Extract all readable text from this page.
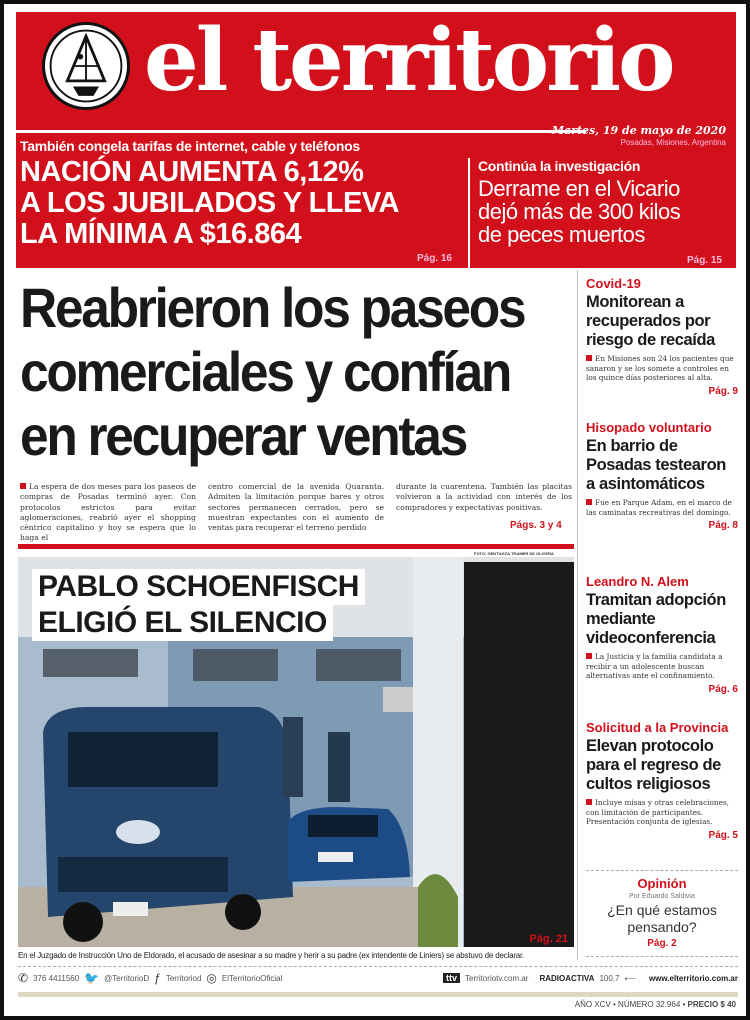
el territorio
Martes, 19 de mayo de 2020
Posadas, Misiones, Argentina
También congela tarifas de internet, cable y teléfonos
NACIÓN AUMENTA 6,12%
A LOS JUBILADOS Y LLEVA
LA MÍNIMA A $16.864
Pág. 16
Continúa la investigación
Derrame en el Vicario
dejó más de 300 kilos
de peces muertos
Pág. 15
Reabrieron los paseos
comerciales y confían
en recuperar ventas
La espera de dos meses para los paseos de compras de Posadas terminó ayer. Con protocolos estrictos para evitar aglomeraciones, reabrió ayer el shopping céntrico capitalino y hoy se espera que lo haga el
centro comercial de la avenida Quaranta. Admiten la limitación porque bares y otros sectores permanecen cerrados, pero se muestran expectantes con el aumento de ventas para recuperar el terreno perdido
durante la cuarentena. También las placitas volvieron a la actividad con interés de los compradores y expectativas positivas.
Págs. 3 y 4
FOTO: GENTILEZA TRAMER DE OLIVERA
PABLO SCHOENFISCH
ELIGIÓ EL SILENCIO
Pág. 21
En el Juzgado de Instrucción Uno de Eldorado, el acusado de asesinar a su madre y herir a su padre (ex intendente de Liniers) se abstuvo de declarar.
Covid-19
Monitorean a recuperados por riesgo de recaída
En Misiones son 24 los pacientes que sanaron y se los somete a controles en los quince días posteriores al alta.
Pág. 9
Hisopado voluntario
En barrio de Posadas testearon a asintomáticos
Fue en Parque Adam, en el marco de las caminatas recreativas del domingo.
Pág. 8
Leandro N. Alem
Tramitan adopción mediante videoconferencia
La Justicia y la familia candidata a recibir a un adolescente buscan alternativas ante el confinamiento.
Pág. 6
Solicitud a la Provincia
Elevan protocolo para el regreso de cultos religiosos
Incluye misas y otras celebraciones, con limitación de participantes. Presentación conjunta de iglesias.
Pág. 5
Opinión
Por Eduardo Saldivia
¿En qué estamos pensando?
Pág. 2
✆ 376 4411560 🐦 @TerritorioD ƒ Territoriod ◎ ElTerritorioOficial	ttv	Territoriotv.com.ar RADIOACTIVA 100.7 ⟵ www.elterritorio.com.ar
AÑO XCV • NÚMERO 32.964 • PRECIO $ 40
